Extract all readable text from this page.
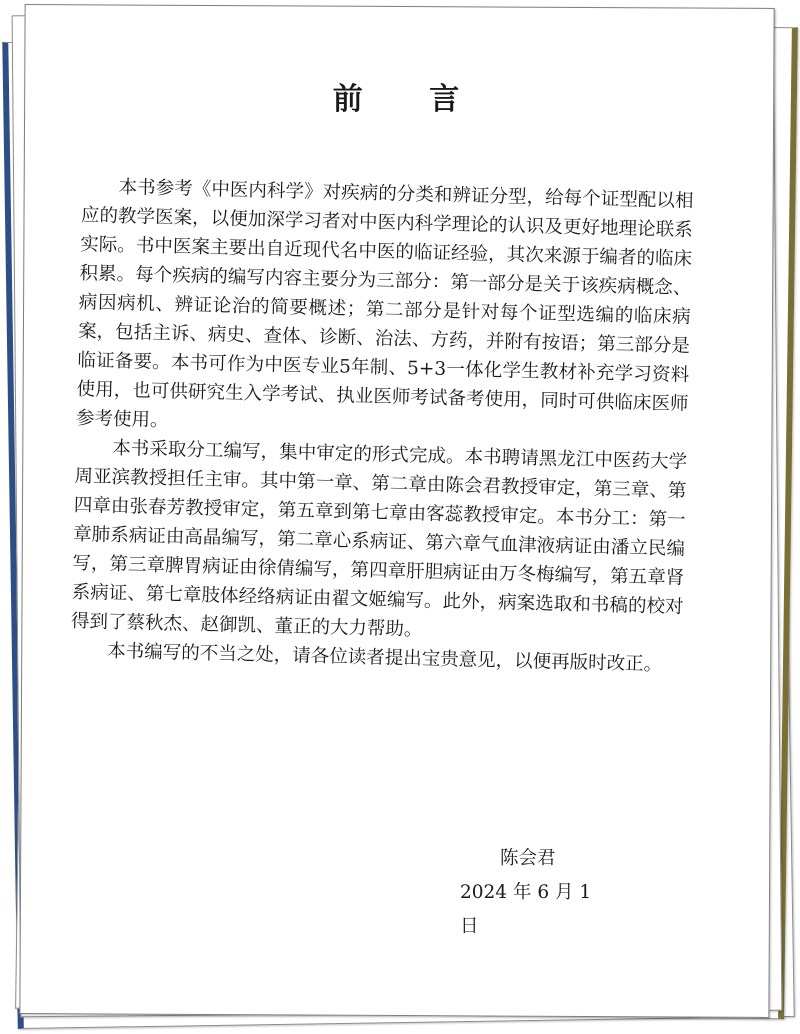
前 言

本书参考《中医内科学》对疾病的分类和辨证分型，给每个证型配以相应的教学医案，以便加深学习者对中医内科学理论的认识及更好地理论联系实际。书中医案主要出自近现代名中医的临证经验，其次来源于编者的临床积累。每个疾病的编写内容主要分为三部分：第一部分是关于该疾病概念、病因病机、辨证论治的简要概述；第二部分是针对每个证型选编的临床病案，包括主诉、病史、查体、诊断、治法、方药，并附有按语；第三部分是临证备要。本书可作为中医专业5年制、5+3一体化学生教材补充学习资料使用，也可供研究生入学考试、执业医师考试备考使用，同时可供临床医师参考使用。

本书采取分工编写，集中审定的形式完成。本书聘请黑龙江中医药大学周亚滨教授担任主审。其中第一章、第二章由陈会君教授审定，第三章、第四章由张春芳教授审定，第五章到第七章由客蕊教授审定。本书分工：第一章肺系病证由高晶编写，第二章心系病证、第六章气血津液病证由潘立民编写，第三章脾胃病证由徐倩编写，第四章肝胆病证由万冬梅编写，第五章肾系病证、第七章肢体经络病证由翟文姬编写。此外，病案选取和书稿的校对得到了蔡秋杰、赵御凯、董正的大力帮助。

本书编写的不当之处，请各位读者提出宝贵意见，以便再版时改正。

陈会君
2024 年 6 月 1 日
